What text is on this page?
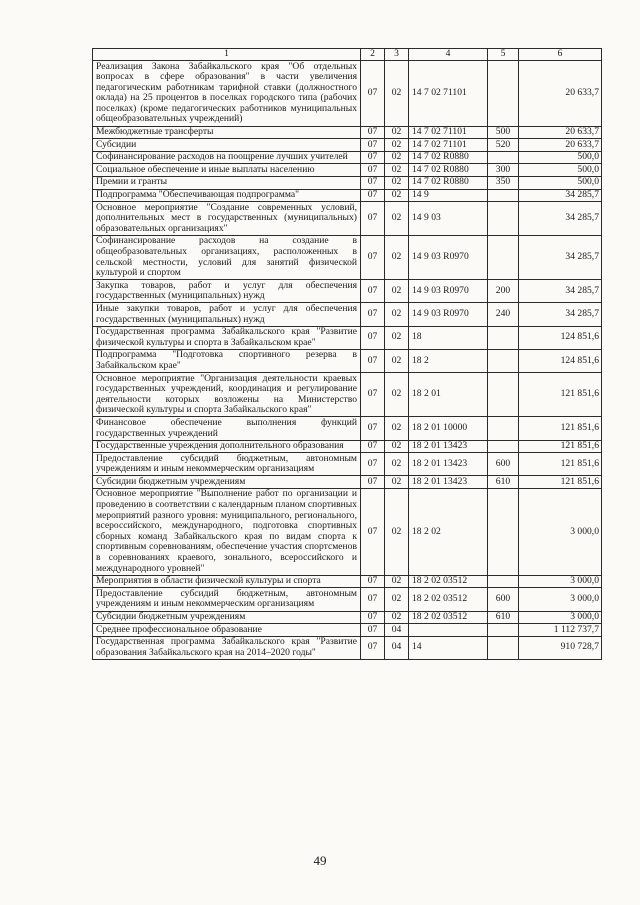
1	2	3	4	5	6
Реализация Закона Забайкальского края "Об отдельных вопросах в сфере образования" в части увеличения педагогическим работникам тарифной ставки (должностного оклада) на 25 процентов в поселках городского типа (рабочих поселках) (кроме педагогических работников муниципальных общеобразовательных учреждений)	07	02	14 7 02 71101		20 633,7
Межбюджетные трансферты	07	02	14 7 02 71101	500	20 633,7
Субсидии	07	02	14 7 02 71101	520	20 633,7
Софинансирование расходов на поощрение лучших учителей	07	02	14 7 02 R0880		500,0
Социальное обеспечение и иные выплаты населению	07	02	14 7 02 R0880	300	500,0
Премии и гранты	07	02	14 7 02 R0880	350	500,0
Подпрограмма "Обеспечивающая подпрограмма"	07	02	14 9		34 285,7
Основное мероприятие "Создание современных условий, дополнительных мест в государственных (муниципальных) образовательных организациях"	07	02	14 9 03		34 285,7
Софинансирование расходов на создание в общеобразовательных организациях, расположенных в сельской местности, условий для занятий физической культурой и спортом	07	02	14 9 03 R0970		34 285,7
Закупка товаров, работ и услуг для обеспечения государственных (муниципальных) нужд	07	02	14 9 03 R0970	200	34 285,7
Иные закупки товаров, работ и услуг для обеспечения государственных (муниципальных) нужд	07	02	14 9 03 R0970	240	34 285,7
Государственная программа Забайкальского края "Развитие физической культуры и спорта в Забайкальском крае"	07	02	18		124 851,6
Подпрограмма "Подготовка спортивного резерва в Забайкальском крае"	07	02	18 2		124 851,6
Основное мероприятие "Организация деятельности краевых государственных учреждений, координация и регулирование деятельности которых возложены на Министерство физической культуры и спорта Забайкальского края"	07	02	18 2 01		121 851,6
Финансовое обеспечение выполнения функций государственных учреждений	07	02	18 2 01 10000		121 851,6
Государственные учреждения дополнительного образования	07	02	18 2 01 13423		121 851,6
Предоставление субсидий бюджетным, автономным учреждениям и иным некоммерческим организациям	07	02	18 2 01 13423	600	121 851,6
Субсидии бюджетным учреждениям	07	02	18 2 01 13423	610	121 851,6
Основное мероприятие "Выполнение работ по организации и проведению в соответствии с календарным планом спортивных мероприятий разного уровня: муниципального, регионального, всероссийского, международного, подготовка спортивных сборных команд Забайкальского края по видам спорта к спортивным соревнованиям, обеспечение участия спортсменов в соревнованиях краевого, зонального, всероссийского и международного уровней"	07	02	18 2 02		3 000,0
Мероприятия в области физической культуры и спорта	07	02	18 2 02 03512		3 000,0
Предоставление субсидий бюджетным, автономным учреждениям и иным некоммерческим организациям	07	02	18 2 02 03512	600	3 000,0
Субсидии бюджетным учреждениям	07	02	18 2 02 03512	610	3 000,0
Среднее профессиональное образование	07	04			1 112 737,7
Государственная программа Забайкальского края "Развитие образования Забайкальского края на 2014–2020 годы"	07	04	14		910 728,7
49
